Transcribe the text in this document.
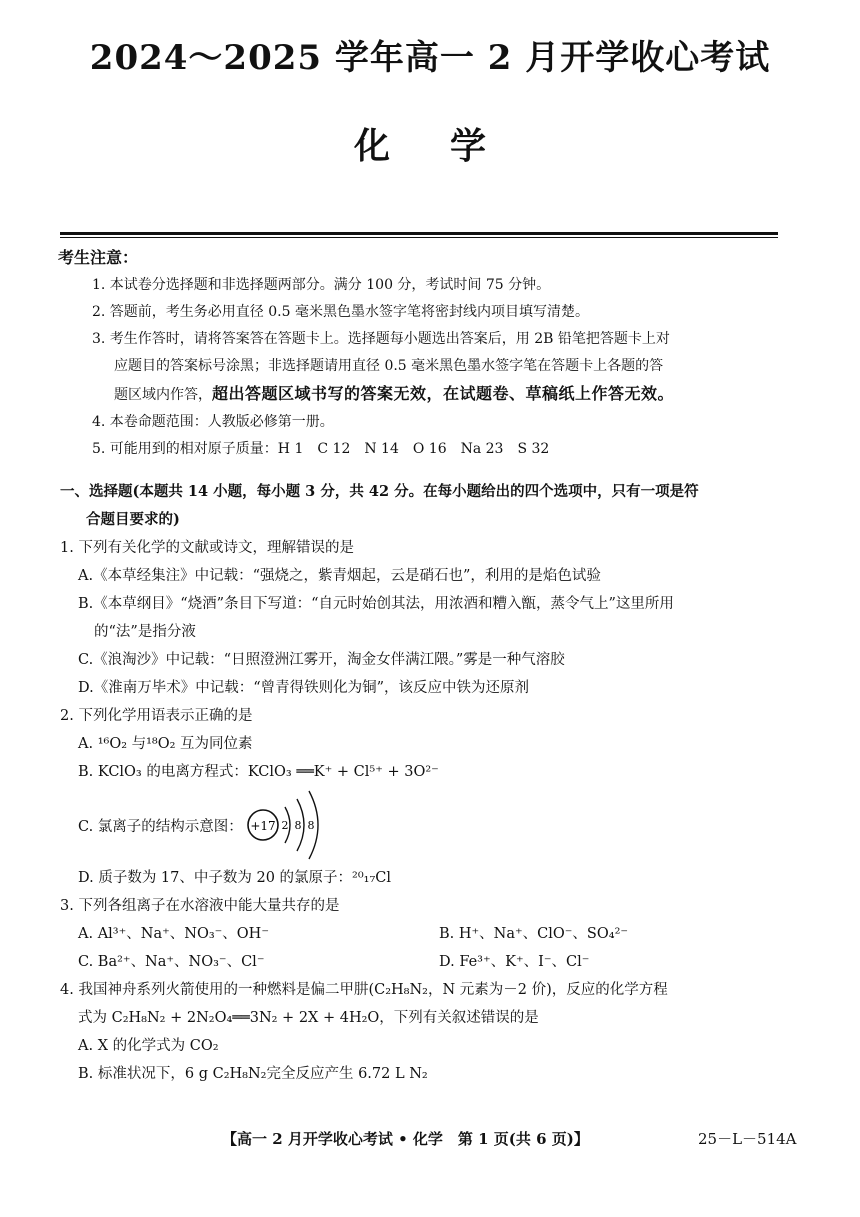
2024～2025 学年高一 2 月开学收心考试
化学
考生注意：
1. 本试卷分选择题和非选择题两部分。满分 100 分，考试时间 75 分钟。
2. 答题前，考生务必用直径 0.5 毫米黑色墨水签字笔将密封线内项目填写清楚。
3. 考生作答时，请将答案答在答题卡上。选择题每小题选出答案后，用 2B 铅笔把答题卡上对
应题目的答案标号涂黑；非选择题请用直径 0.5 毫米黑色墨水签字笔在答题卡上各题的答
题区域内作答，超出答题区域书写的答案无效，在试题卷、草稿纸上作答无效。
4. 本卷命题范围：人教版必修第一册。
5. 可能用到的相对原子质量：H 1　C 12　N 14　O 16　Na 23　S 32
一、选择题(本题共 14 小题，每小题 3 分，共 42 分。在每小题给出的四个选项中，只有一项是符
合题目要求的)
1. 下列有关化学的文献或诗文，理解错误的是
A.《本草经集注》中记载：“强烧之，紫青烟起，云是硝石也”，利用的是焰色试验
B.《本草纲目》“烧酒”条目下写道：“自元时始创其法，用浓酒和糟入甑，蒸令气上”这里所用
的“法”是指分液
C.《浪淘沙》中记载：“日照澄洲江雾开，淘金女伴满江隈。”雾是一种气溶胶
D.《淮南万毕术》中记载：“曾青得铁则化为铜”，该反应中铁为还原剂
2. 下列化学用语表示正确的是
A. ¹⁶O₂ 与¹⁸O₂ 互为同位素
B. KClO₃ 的电离方程式：KClO₃ ══K⁺ + Cl⁵⁺ + 3O²⁻
C. 氯离子的结构示意图： +17 2 8 8
D. 质子数为 17、中子数为 20 的氯原子：²⁰₁₇Cl
3. 下列各组离子在水溶液中能大量共存的是
A. Al³⁺、Na⁺、NO₃⁻、OH⁻	B. H⁺、Na⁺、ClO⁻、SO₄²⁻
C. Ba²⁺、Na⁺、NO₃⁻、Cl⁻	D. Fe³⁺、K⁺、I⁻、Cl⁻
4. 我国神舟系列火箭使用的一种燃料是偏二甲肼(C₂H₈N₂，N 元素为－2 价)，反应的化学方程
式为 C₂H₈N₂ + 2N₂O₄══3N₂ + 2X + 4H₂O，下列有关叙述错误的是
A. X 的化学式为 CO₂
B. 标准状况下，6 g C₂H₈N₂完全反应产生 6.72 L N₂
【高一 2 月开学收心考试 • 化学　第 1 页(共 6 页)】	25－L－514A
